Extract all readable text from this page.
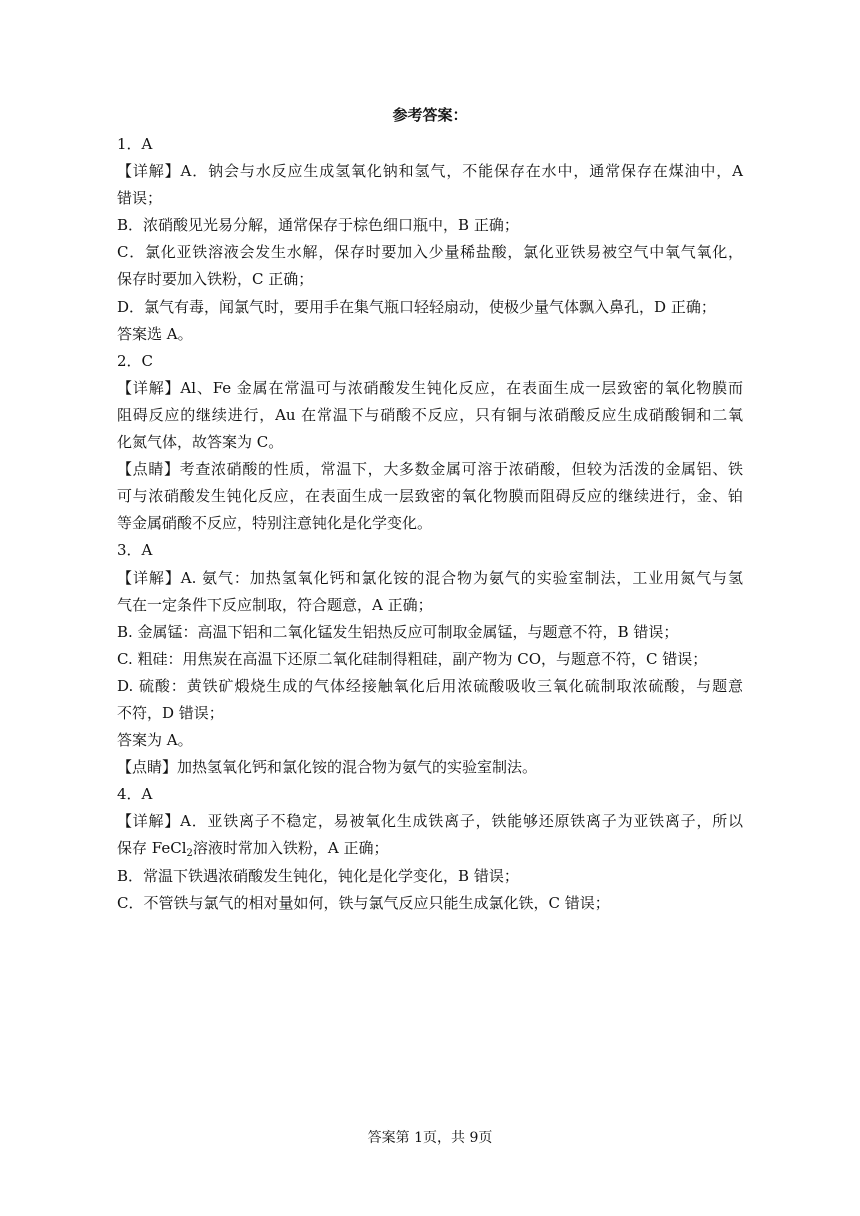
参考答案：
1．A
【详解】A．钠会与水反应生成氢氧化钠和氢气，不能保存在水中，通常保存在煤油中，A
错误；
B．浓硝酸见光易分解，通常保存于棕色细口瓶中，B 正确；
C．氯化亚铁溶液会发生水解，保存时要加入少量稀盐酸，氯化亚铁易被空气中氧气氧化，
保存时要加入铁粉，C 正确；
D．氯气有毒，闻氯气时，要用手在集气瓶口轻轻扇动，使极少量气体飘入鼻孔，D 正确；
答案选 A。
2．C
【详解】Al、Fe 金属在常温可与浓硝酸发生钝化反应，在表面生成一层致密的氧化物膜而
阻碍反应的继续进行，Au 在常温下与硝酸不反应，只有铜与浓硝酸反应生成硝酸铜和二氧
化氮气体，故答案为 C。
【点睛】考查浓硝酸的性质，常温下，大多数金属可溶于浓硝酸，但较为活泼的金属铝、铁
可与浓硝酸发生钝化反应，在表面生成一层致密的氧化物膜而阻碍反应的继续进行，金、铂
等金属硝酸不反应，特别注意钝化是化学变化。
3．A
【详解】A. 氨气：加热氢氧化钙和氯化铵的混合物为氨气的实验室制法，工业用氮气与氢
气在一定条件下反应制取，符合题意，A 正确；
B. 金属锰：高温下铝和二氧化锰发生铝热反应可制取金属锰，与题意不符，B 错误；
C. 粗硅：用焦炭在高温下还原二氧化硅制得粗硅，副产物为 CO，与题意不符，C 错误；
D. 硫酸：黄铁矿煅烧生成的气体经接触氧化后用浓硫酸吸收三氧化硫制取浓硫酸，与题意
不符，D 错误；
答案为 A。
【点睛】加热氢氧化钙和氯化铵的混合物为氨气的实验室制法。
4．A
【详解】A．亚铁离子不稳定，易被氧化生成铁离子，铁能够还原铁离子为亚铁离子，所以
保存 FeCl$_2$溶液时常加入铁粉，A 正确；
B．常温下铁遇浓硝酸发生钝化，钝化是化学变化，B 错误；
C．不管铁与氯气的相对量如何，铁与氯气反应只能生成氯化铁，C 错误；
答案第 1页，共 9页
